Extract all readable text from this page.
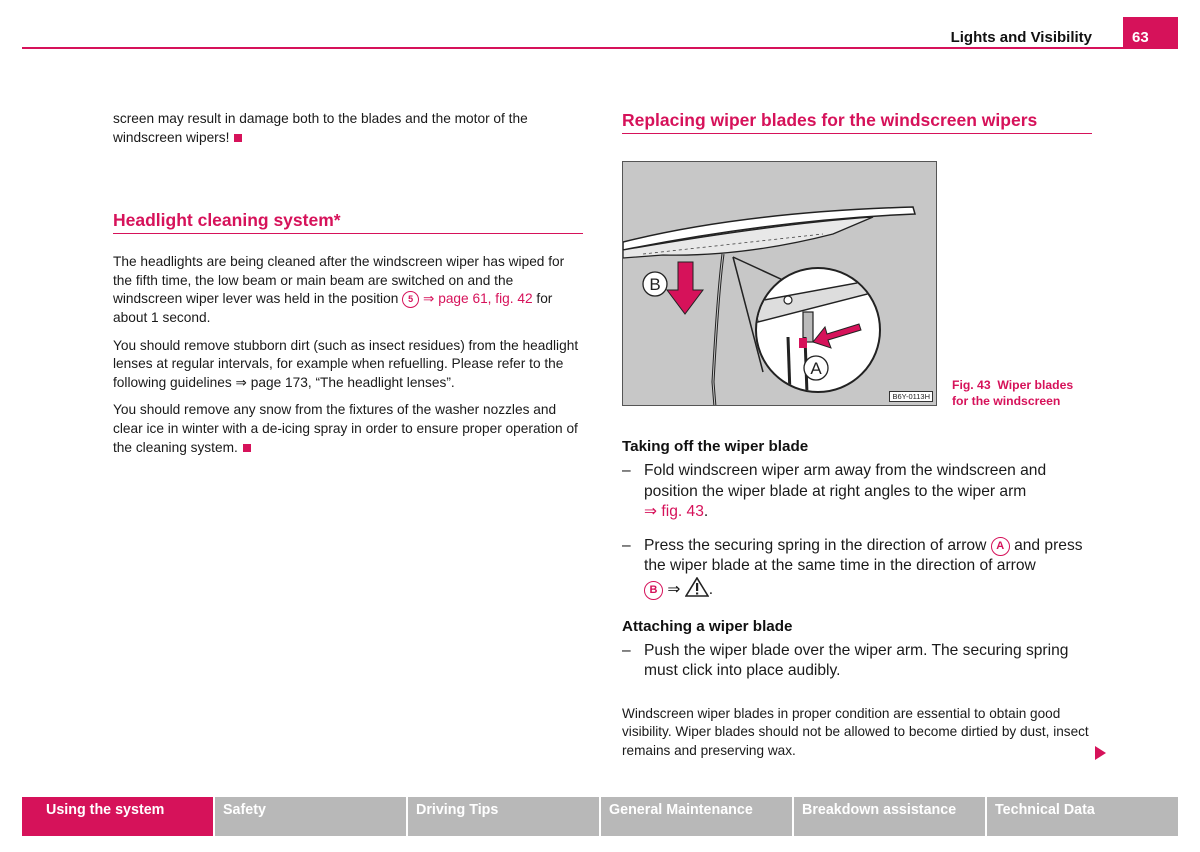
Lights and Visibility	63

screen may result in damage both to the blades and the motor of the windscreen wipers!

Headlight cleaning system*

The headlights are being cleaned after the windscreen wiper has wiped for the fifth time, the low beam or main beam are switched on and the windscreen wiper lever was held in the position 5 ⇒ page 61, fig. 42 for about 1 second.

You should remove stubborn dirt (such as insect residues) from the headlight lenses at regular intervals, for example when refuelling. Please refer to the following guidelines ⇒ page 173, “The headlight lenses”.

You should remove any snow from the fixtures of the washer nozzles and clear ice in winter with a de-icing spray in order to ensure proper operation of the cleaning system.

Replacing wiper blades for the windscreen wipers
B
A
B6Y-0113H
Fig. 43 Wiper blades for the windscreen
Taking off the wiper blade
– Fold windscreen wiper arm away from the windscreen and position the wiper blade at right angles to the wiper arm
⇒ fig. 43.
– Press the securing spring in the direction of arrow A and press the wiper blade at the same time in the direction of arrow
B ⇒ .
Attaching a wiper blade
– Push the wiper blade over the wiper arm. The securing spring must click into place audibly.

Windscreen wiper blades in proper condition are essential to obtain good visibility. Wiper blades should not be allowed to become dirtied by dust, insect remains and preserving wax.

Using the system	Safety	Driving Tips	General Maintenance	Breakdown assistance	Technical Data
